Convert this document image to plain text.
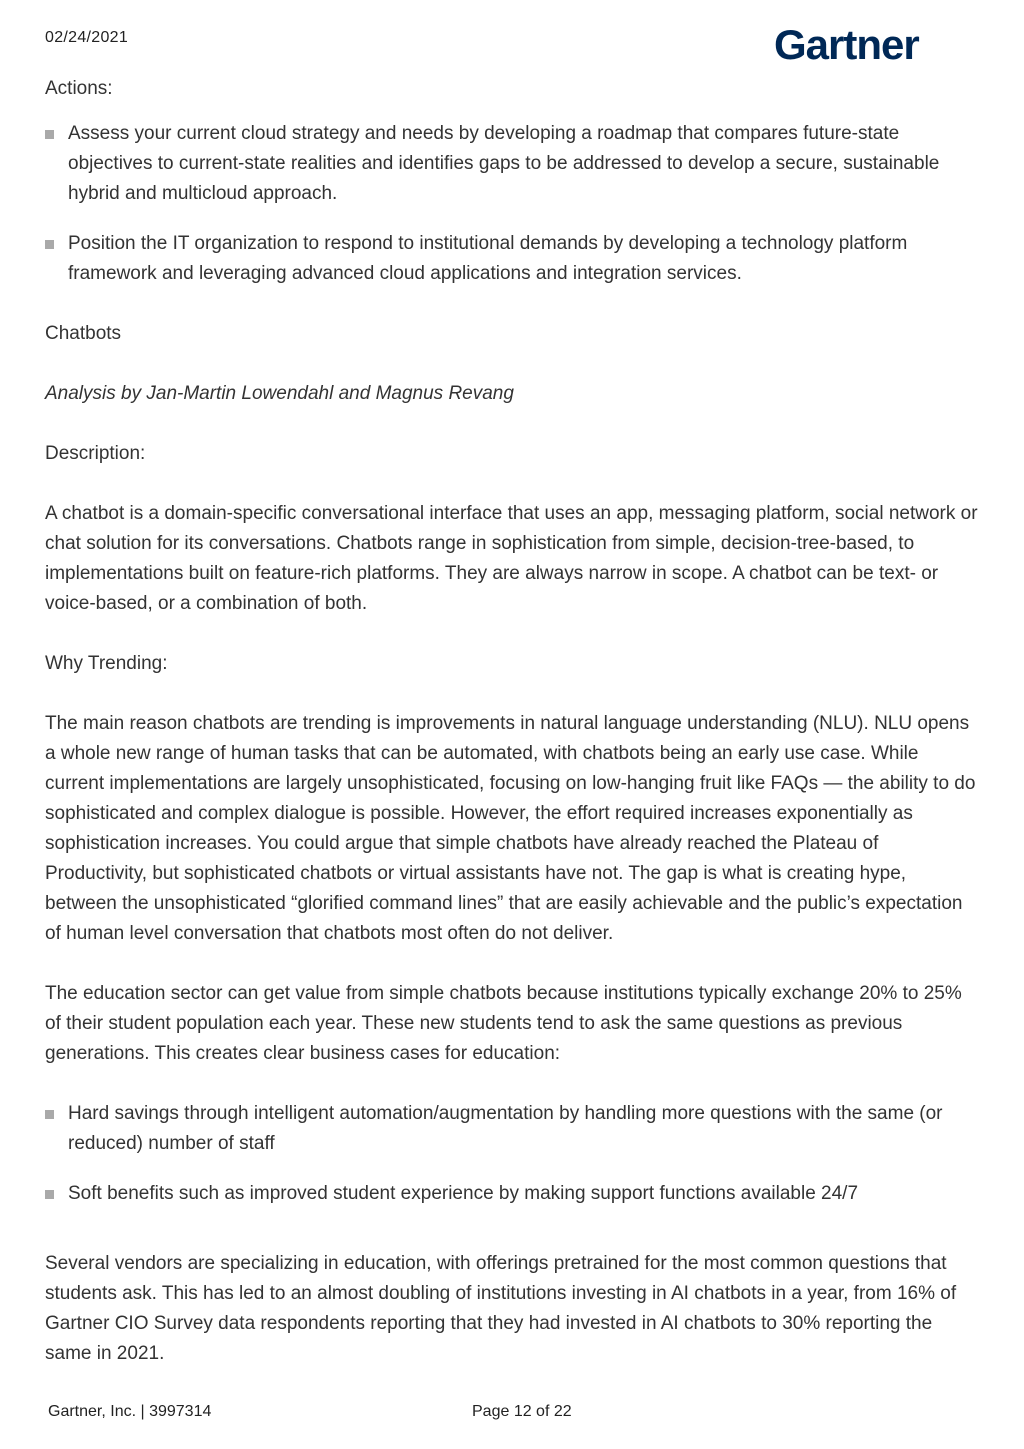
02/24/2021	Gartner

Actions:

Assess your current cloud strategy and needs by developing a roadmap that compares future-state objectives to current-state realities and identifies gaps to be addressed to develop a secure, sustainable hybrid and multicloud approach.
Position the IT organization to respond to institutional demands by developing a technology platform framework and leveraging advanced cloud applications and integration services.

Chatbots

Analysis by Jan-Martin Lowendahl and Magnus Revang

Description:

A chatbot is a domain-specific conversational interface that uses an app, messaging platform, social network or chat solution for its conversations. Chatbots range in sophistication from simple, decision-tree-based, to implementations built on feature-rich platforms. They are always narrow in scope. A chatbot can be text- or voice-based, or a combination of both.

Why Trending:

The main reason chatbots are trending is improvements in natural language understanding (NLU). NLU opens a whole new range of human tasks that can be automated, with chatbots being an early use case. While current implementations are largely unsophisticated, focusing on low-hanging fruit like FAQs — the ability to do sophisticated and complex dialogue is possible. However, the effort required increases exponentially as sophistication increases. You could argue that simple chatbots have already reached the Plateau of Productivity, but sophisticated chatbots or virtual assistants have not. The gap is what is creating hype, between the unsophisticated “glorified command lines” that are easily achievable and the public’s expectation of human level conversation that chatbots most often do not deliver.

The education sector can get value from simple chatbots because institutions typically exchange 20% to 25% of their student population each year. These new students tend to ask the same questions as previous generations. This creates clear business cases for education:

Hard savings through intelligent automation/augmentation by handling more questions with the same (or reduced) number of staff
Soft benefits such as improved student experience by making support functions available 24/7

Several vendors are specializing in education, with offerings pretrained for the most common questions that students ask. This has led to an almost doubling of institutions investing in AI chatbots in a year, from 16% of Gartner CIO Survey data respondents reporting that they had invested in AI chatbots to 30% reporting the same in 2021.

Gartner, Inc. | 3997314	Page 12 of 22
